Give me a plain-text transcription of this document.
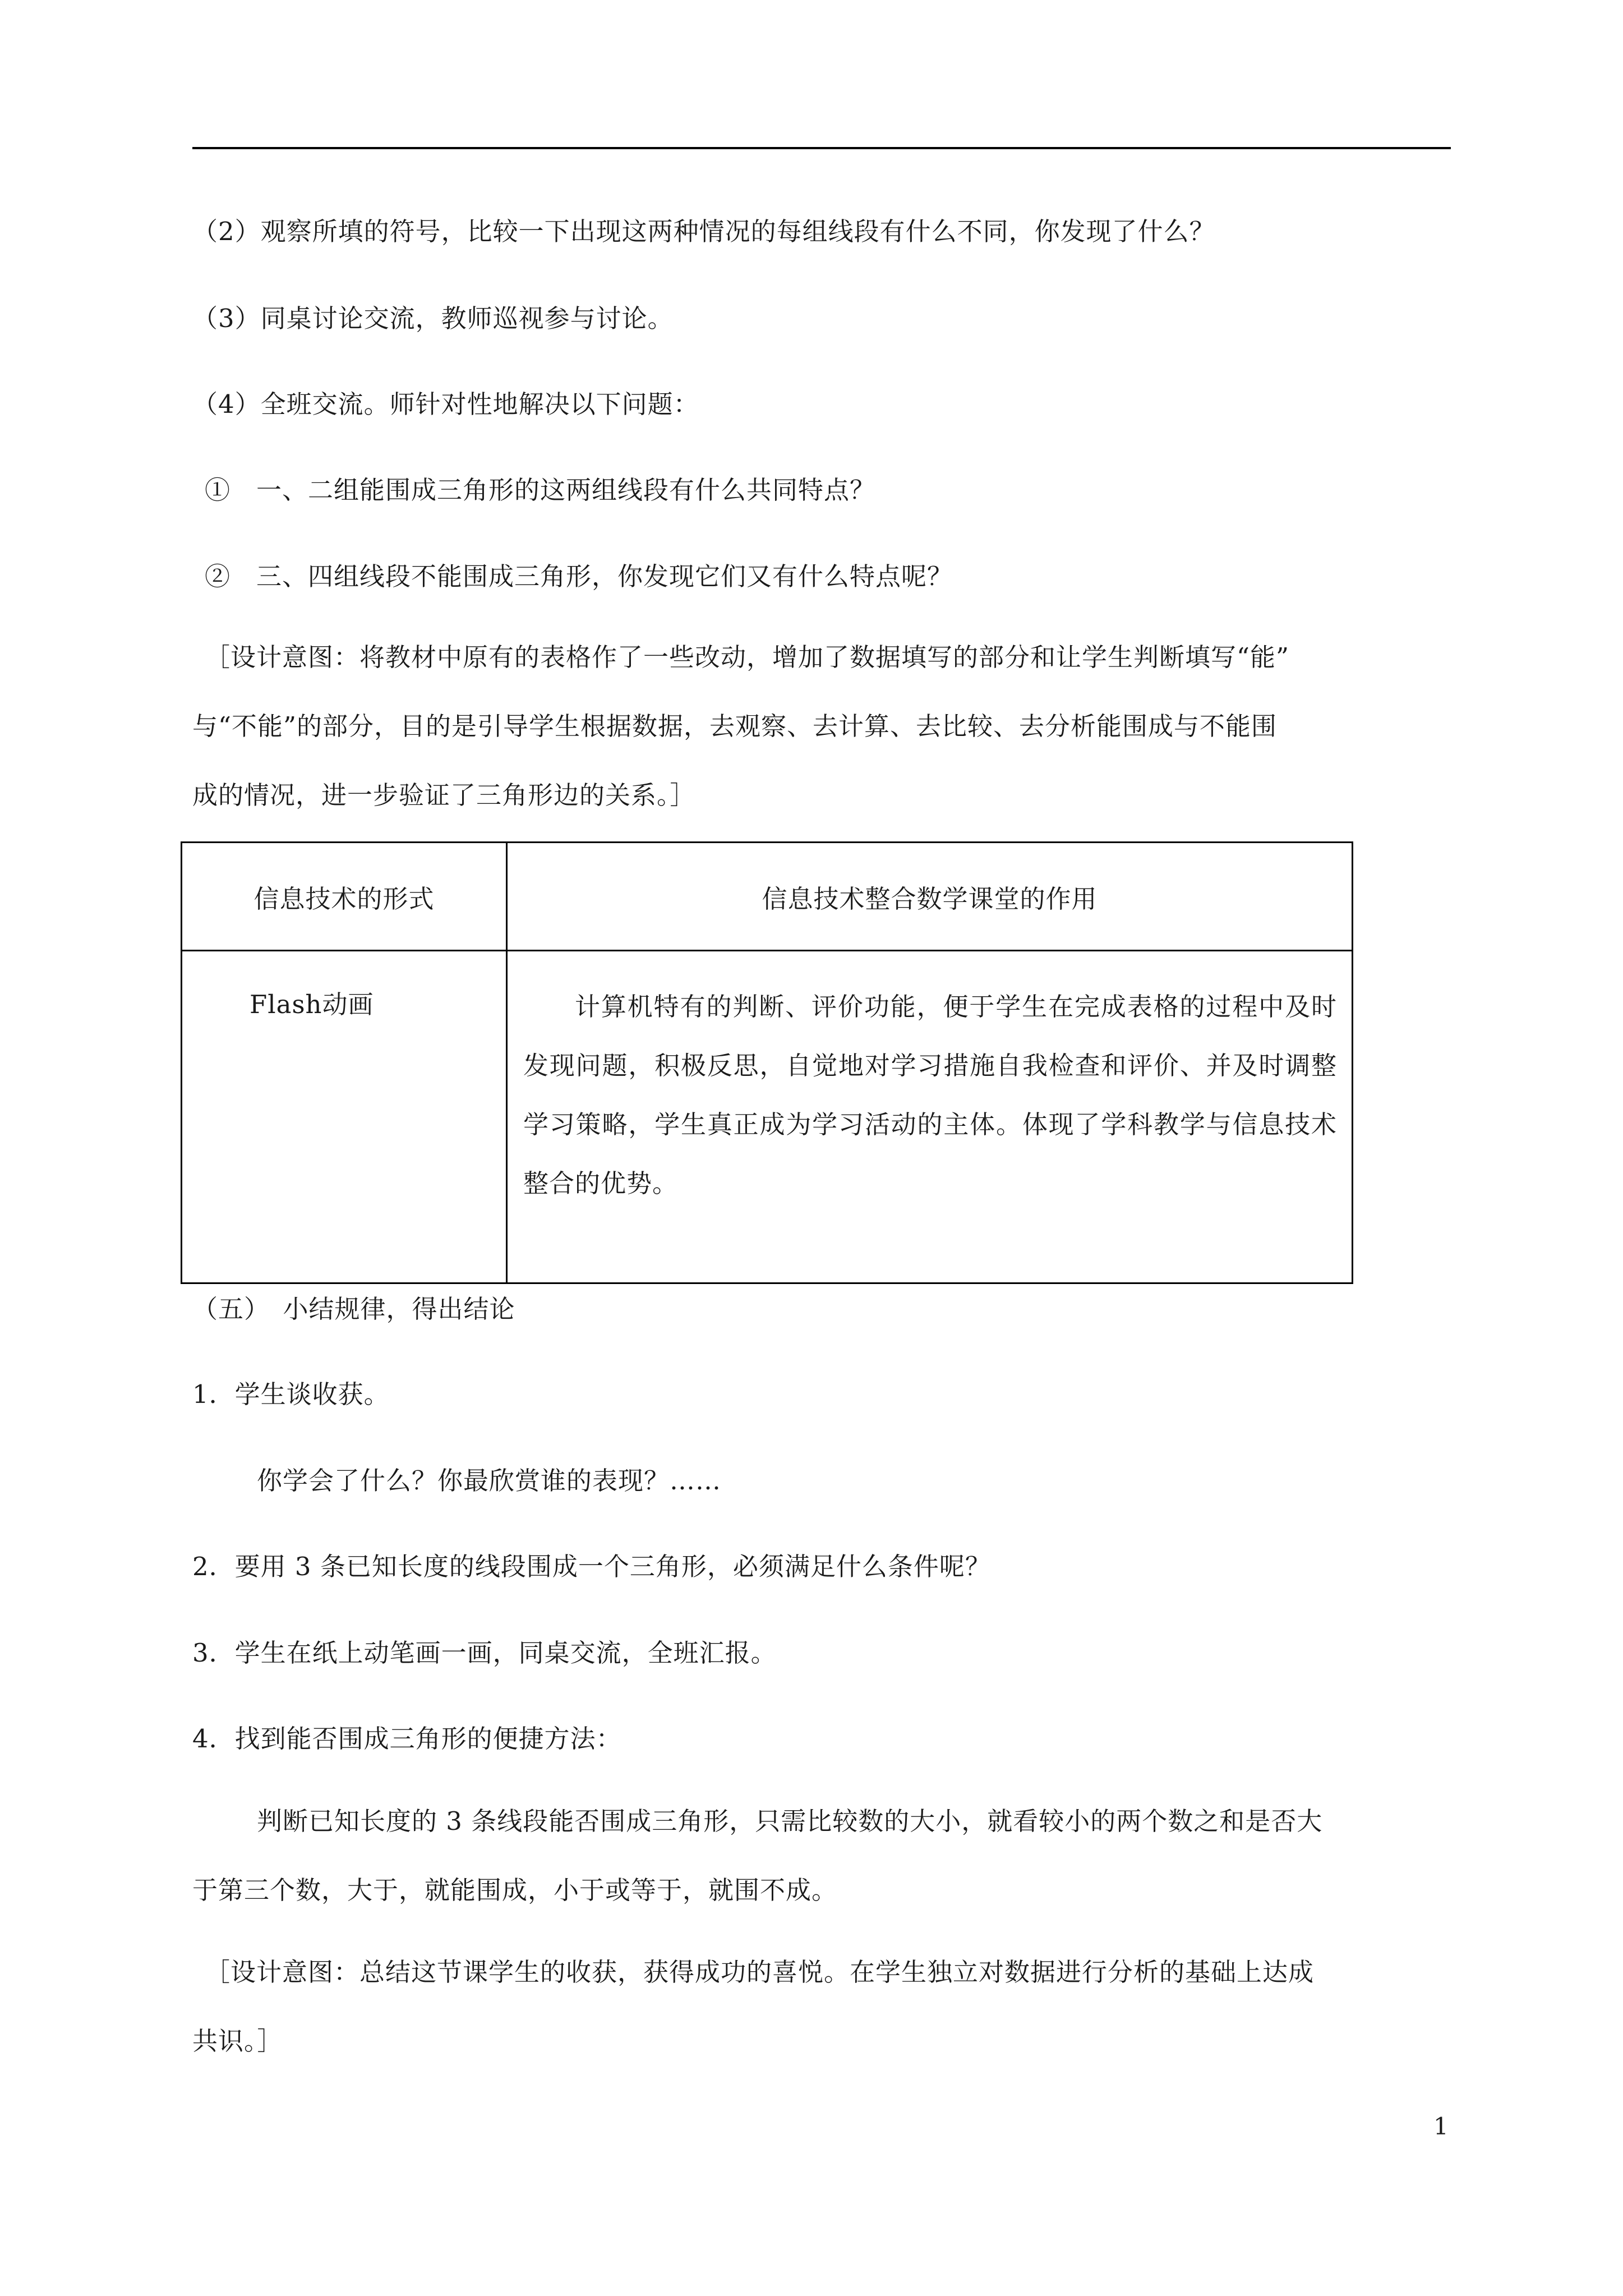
（2）观察所填的符号，比较一下出现这两种情况的每组线段有什么不同，你发现了什么？

（3）同桌讨论交流，教师巡视参与讨论。

（4）全班交流。师针对性地解决以下问题：

①　一、二组能围成三角形的这两组线段有什么共同特点？

②　三、四组线段不能围成三角形，你发现它们又有什么特点呢？

［设计意图：将教材中原有的表格作了一些改动，增加了数据填写的部分和让学生判断填写“能”

与“不能”的部分，目的是引导学生根据数据，去观察、去计算、去比较、去分析能围成与不能围

成的情况，进一步验证了三角形边的关系。］

信息技术的形式	信息技术整合数学课堂的作用
Flash动画	计算机特有的判断、评价功能，便于学生在完成表格的过程中及时发现问题，积极反思，自觉地对学习措施自我检查和评价、并及时调整学习策略，学生真正成为学习活动的主体。体现了学科教学与信息技术整合的优势。

（五）　小结规律，得出结论

1．学生谈收获。

你学会了什么？你最欣赏谁的表现？……

2．要用 3 条已知长度的线段围成一个三角形，必须满足什么条件呢？

3．学生在纸上动笔画一画，同桌交流，全班汇报。

4．找到能否围成三角形的便捷方法：

判断已知长度的 3 条线段能否围成三角形，只需比较数的大小，就看较小的两个数之和是否大

于第三个数，大于，就能围成，小于或等于，就围不成。

［设计意图：总结这节课学生的收获，获得成功的喜悦。在学生独立对数据进行分析的基础上达成

共识。］

1
